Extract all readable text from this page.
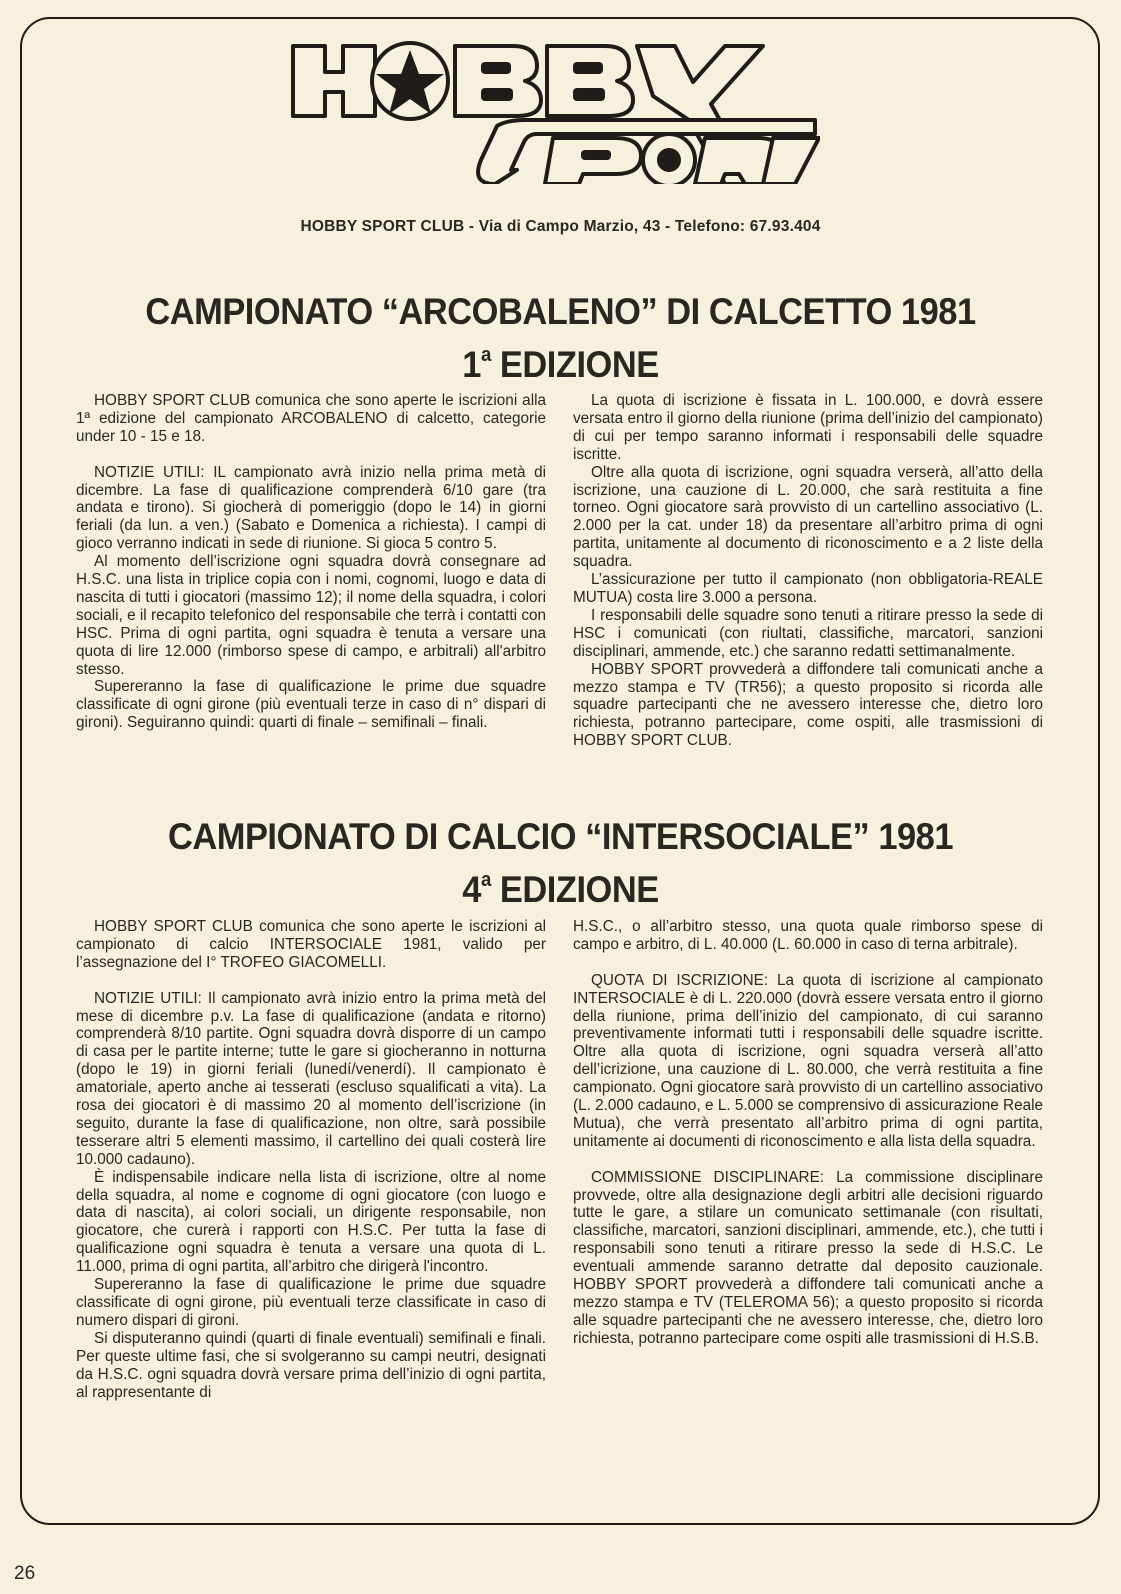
HOBBY SPORT CLUB - Via di Campo Marzio, 43 - Telefono: 67.93.404
CAMPIONATO “ARCOBALENO” DI CALCETTO 1981
1$^a$ EDIZIONE

HOBBY SPORT CLUB comunica che sono aperte le iscrizioni alla 1ª edizione del campionato ARCOBALENO di calcetto, categorie under 10 - 15 e 18.

NOTIZIE UTILI: IL campionato avrà inizio nella prima metà di dicembre. La fase di qualificazione comprenderà 6/10 gare (tra andata e tirono). Si giocherà di pomeriggio (dopo le 14) in giorni feriali (da lun. a ven.) (Sabato e Domenica a richiesta). I campi di gioco verranno indicati in sede di riunione. Si gioca 5 contro 5.

Al momento dell’iscrizione ogni squadra dovrà consegnare ad H.S.C. una lista in triplice copia con i nomi, cognomi, luogo e data di nascita di tutti i giocatori (massimo 12); il nome della squadra, i colori sociali, e il recapito telefonico del responsabile che terrà i contatti con HSC. Prima di ogni partita, ogni squadra è tenuta a versare una quota di lire 12.000 (rimborso spese di campo, e arbitrali) all'arbitro stesso.

Supereranno la fase di qualificazione le prime due squadre classificate di ogni girone (più eventuali terze in caso di n° dispari di gironi). Seguiranno quindi: quarti di finale – semifinali – finali.

La quota di iscrizione è fissata in L. 100.000, e dovrà essere versata entro il giorno della riunione (prima dell’inizio del campionato) di cui per tempo saranno informati i responsabili delle squadre iscritte.

Oltre alla quota di iscrizione, ogni squadra verserà, all’atto della iscrizione, una cauzione di L. 20.000, che sarà restituita a fine torneo. Ogni giocatore sarà provvisto di un cartellino associativo (L. 2.000 per la cat. under 18) da presentare all’arbitro prima di ogni partita, unitamente al documento di riconoscimento e a 2 liste della squadra.

L’assicurazione per tutto il campionato (non obbligatoria-REALE MUTUA) costa lire 3.000 a persona.

I responsabili delle squadre sono tenuti a ritirare presso la sede di HSC i comunicati (con riultati, classifiche, marcatori, sanzioni disciplinari, ammende, etc.) che saranno redatti settimanalmente.

HOBBY SPORT provvederà a diffondere tali comunicati anche a mezzo stampa e TV (TR56); a questo proposito si ricorda alle squadre partecipanti che ne avessero interesse che, dietro loro richiesta, potranno partecipare, come ospiti, alle trasmissioni di HOBBY SPORT CLUB.

CAMPIONATO DI CALCIO “INTERSOCIALE” 1981
4$^a$ EDIZIONE

HOBBY SPORT CLUB comunica che sono aperte le iscrizioni al campionato di calcio INTERSOCIALE 1981, valido per l’assegnazione del I° TROFEO GIACOMELLI.

NOTIZIE UTILI: Il campionato avrà inizio entro la prima metà del mese di dicembre p.v. La fase di qualificazione (andata e ritorno) comprenderà 8/10 partite. Ogni squadra dovrà disporre di un campo di casa per le partite interne; tutte le gare si giocheranno in notturna (dopo le 19) in giorni feriali (lunedí/venerdí). Il campionato è amatoriale, aperto anche ai tesserati (escluso squalificati a vita). La rosa dei giocatori è di massimo 20 al momento dell’iscrizione (in seguito, durante la fase di qualificazione, non oltre, sarà possibile tesserare altri 5 elementi massimo, il cartellino dei quali costerà lire 10.000 cadauno).

È indispensabile indicare nella lista di iscrizione, oltre al nome della squadra, al nome e cognome di ogni giocatore (con luogo e data di nascita), ai colori sociali, un dirigente responsabile, non giocatore, che curerà i rapporti con H.S.C. Per tutta la fase di qualificazione ogni squadra è tenuta a versare una quota di L. 11.000, prima di ogni partita, all’arbitro che dirigerà l'incontro.

Supereranno la fase di qualificazione le prime due squadre classificate di ogni girone, più eventuali terze classificate in caso di numero dispari di gironi.

Si disputeranno quindi (quarti di finale eventuali) semifinali e finali. Per queste ultime fasi, che si svolgeranno su campi neutri, designati da H.S.C. ogni squadra dovrà versare prima dell’inizio di ogni partita, al rappresentante di

H.S.C., o all’arbitro stesso, una quota quale rimborso spese di campo e arbitro, di L. 40.000 (L. 60.000 in caso di terna arbitrale).

QUOTA DI ISCRIZIONE: La quota di iscrizione al campionato INTERSOCIALE è di L. 220.000 (dovrà essere versata entro il giorno della riunione, prima dell’inizio del campionato, di cui saranno preventivamente informati tutti i responsabili delle squadre iscritte. Oltre alla quota di iscrizione, ogni squadra verserà all’atto dell’icrizione, una cauzione di L. 80.000, che verrà restituita a fine campionato. Ogni giocatore sarà provvisto di un cartellino associativo (L. 2.000 cadauno, e L. 5.000 se comprensivo di assicurazione Reale Mutua), che verrà presentato all’arbitro prima di ogni partita, unitamente ai documenti di riconoscimento e alla lista della squadra.

COMMISSIONE DISCIPLINARE: La commissione disciplinare provvede, oltre alla designazione degli arbitri alle decisioni riguardo tutte le gare, a stilare un comunicato settimanale (con risultati, classifiche, marcatori, sanzioni disciplinari, ammende, etc.), che tutti i responsabili sono tenuti a ritirare presso la sede di H.S.C. Le eventuali ammende saranno detratte dal deposito cauzionale. HOBBY SPORT provvederà a diffondere tali comunicati anche a mezzo stampa e TV (TELEROMA 56); a questo proposito si ricorda alle squadre partecipanti che ne avessero interesse, che, dietro loro richiesta, potranno partecipare come ospiti alle trasmissioni di H.S.B.

26
